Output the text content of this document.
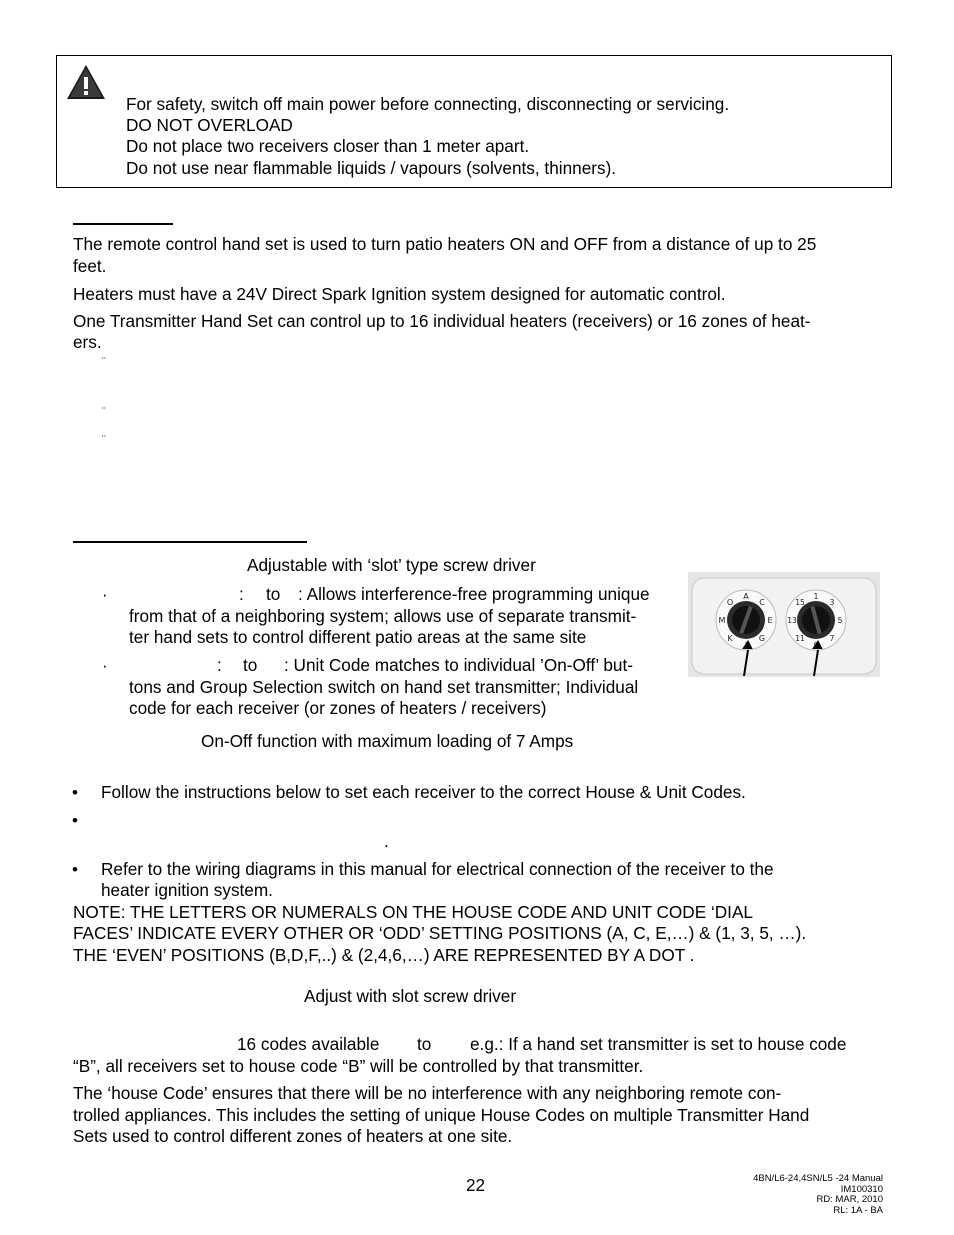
For safety, switch off main power before connecting, disconnecting or servicing.
DO NOT OVERLOAD
Do not place two receivers closer than 1 meter apart.
Do not use near flammable liquids / vapours (solvents, thinners).
The remote control hand set is used to turn patio heaters ON and OFF from a distance of up to 25
feet.
Heaters must have a 24V Direct Spark Ignition system designed for automatic control.
One Transmitter Hand Set can control up to 16 individual heaters (receivers) or 16 zones of heat-
ers.
¨
¨
¨
Adjustable with ‘slot’ type screw driver
·	: to : Allows interference-free programming unique
from that of a neighboring system; allows use of separate transmit-
ter hand sets to control different patio areas at the same site
·	: to : Unit Code matches to individual ’On-Off’ but-
tons and Group Selection switch on hand set transmitter; Individual
code for each receiver (or zones of heaters / receivers)
On-Off function with maximum loading of 7 Amps
A
C
E
G
K
M
O
1
3
5
7
11
13
15
• Follow the instructions below to set each receiver to the correct House & Unit Codes.
•
.
• Refer to the wiring diagrams in this manual for electrical connection of the receiver to the
heater ignition system.
NOTE: THE LETTERS OR NUMERALS ON THE HOUSE CODE AND UNIT CODE ‘DIAL
FACES’ INDICATE EVERY OTHER OR ‘ODD’ SETTING POSITIONS (A, C, E,…) & (1, 3, 5, …).
THE ‘EVEN’ POSITIONS (B,D,F,..) & (2,4,6,…) ARE REPRESENTED BY A DOT .
Adjust with slot screw driver
16 codes available to e.g.: If a hand set transmitter is set to house code
“B”, all receivers set to house code “B” will be controlled by that transmitter.
The ‘house Code’ ensures that there will be no interference with any neighboring remote con-
trolled appliances. This includes the setting of unique House Codes on multiple Transmitter Hand
Sets used to control different zones of heaters at one site.
22	4BN/L6-24,4SN/L5 -24 Manual
IM100310
RD: MAR, 2010
RL: 1A - BA
